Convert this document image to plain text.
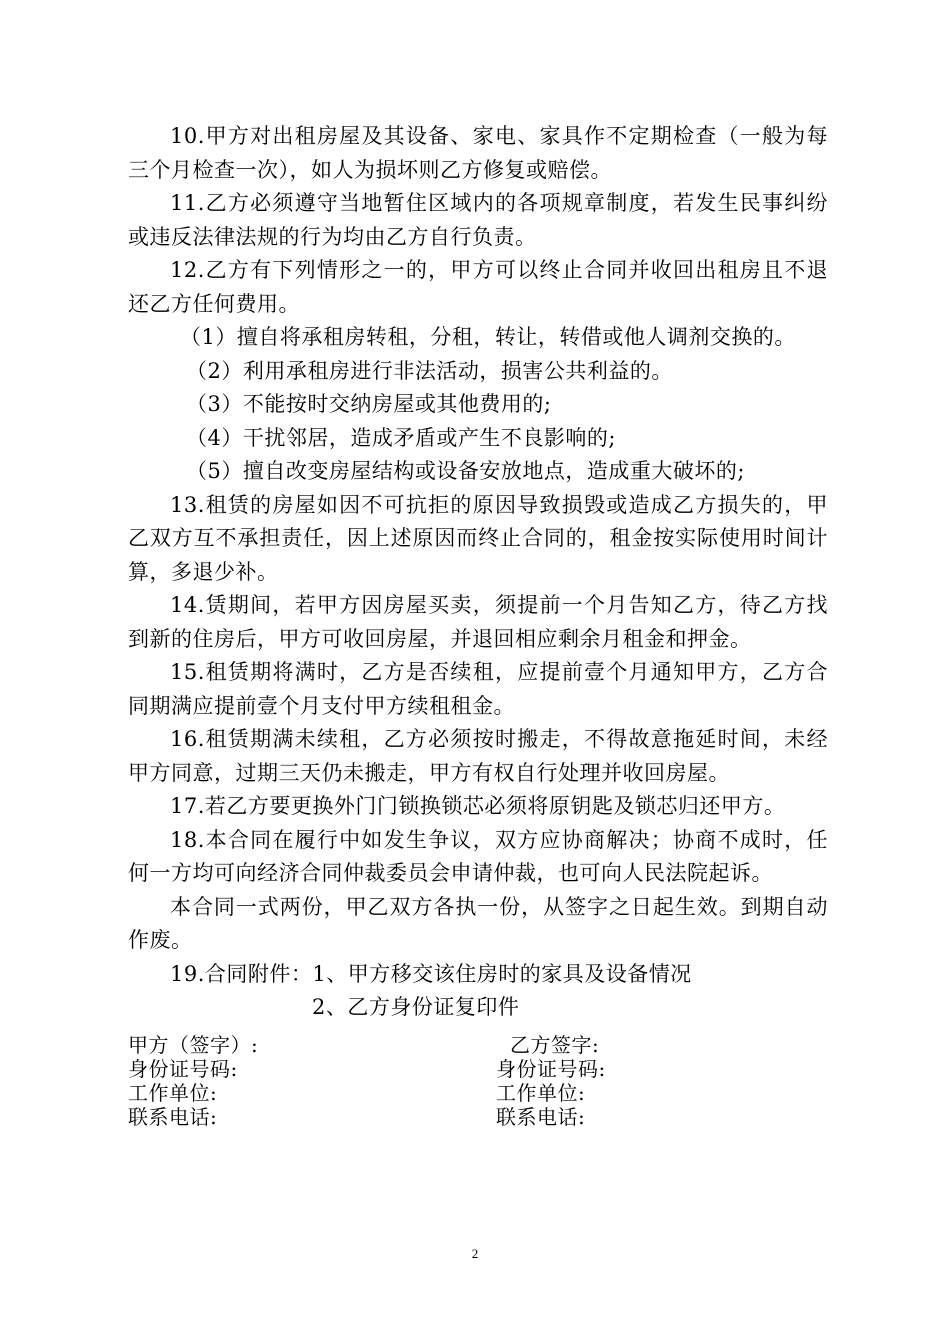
10.甲方对出租房屋及其设备、家电、家具作不定期检查（一般为每三个月检查一次），如人为损坏则乙方修复或赔偿。

11.乙方必须遵守当地暂住区域内的各项规章制度，若发生民事纠纷或违反法律法规的行为均由乙方自行负责。

12.乙方有下列情形之一的，甲方可以终止合同并收回出租房且不退还乙方任何费用。

（1）擅自将承租房转租，分租，转让，转借或他人调剂交换的。

（2）利用承租房进行非法活动，损害公共利益的。

（3）不能按时交纳房屋或其他费用的;

（4）干扰邻居，造成矛盾或产生不良影响的;

（5）擅自改变房屋结构或设备安放地点，造成重大破坏的;

13.租赁的房屋如因不可抗拒的原因导致损毁或造成乙方损失的，甲乙双方互不承担责任，因上述原因而终止合同的，租金按实际使用时间计算，多退少补。

14.赁期间，若甲方因房屋买卖，须提前一个月告知乙方，待乙方找到新的住房后，甲方可收回房屋，并退回相应剩余月租金和押金。

15.租赁期将满时，乙方是否续租，应提前壹个月通知甲方，乙方合同期满应提前壹个月支付甲方续租租金。

16.租赁期满未续租，乙方必须按时搬走，不得故意拖延时间，未经甲方同意，过期三天仍未搬走，甲方有权自行处理并收回房屋。

17.若乙方要更换外门门锁换锁芯必须将原钥匙及锁芯归还甲方。

18.本合同在履行中如发生争议，双方应协商解决；协商不成时，任何一方均可向经济合同仲裁委员会申请仲裁，也可向人民法院起诉。

本合同一式两份，甲乙双方各执一份，从签字之日起生效。到期自动作废。

19.合同附件：1、甲方移交该住房时的家具及设备情况

2、乙方身份证复印件

甲方（签字）:	乙方签字:
身份证号码:	身份证号码:
工作单位:	工作单位:
联系电话:	联系电话:
2
